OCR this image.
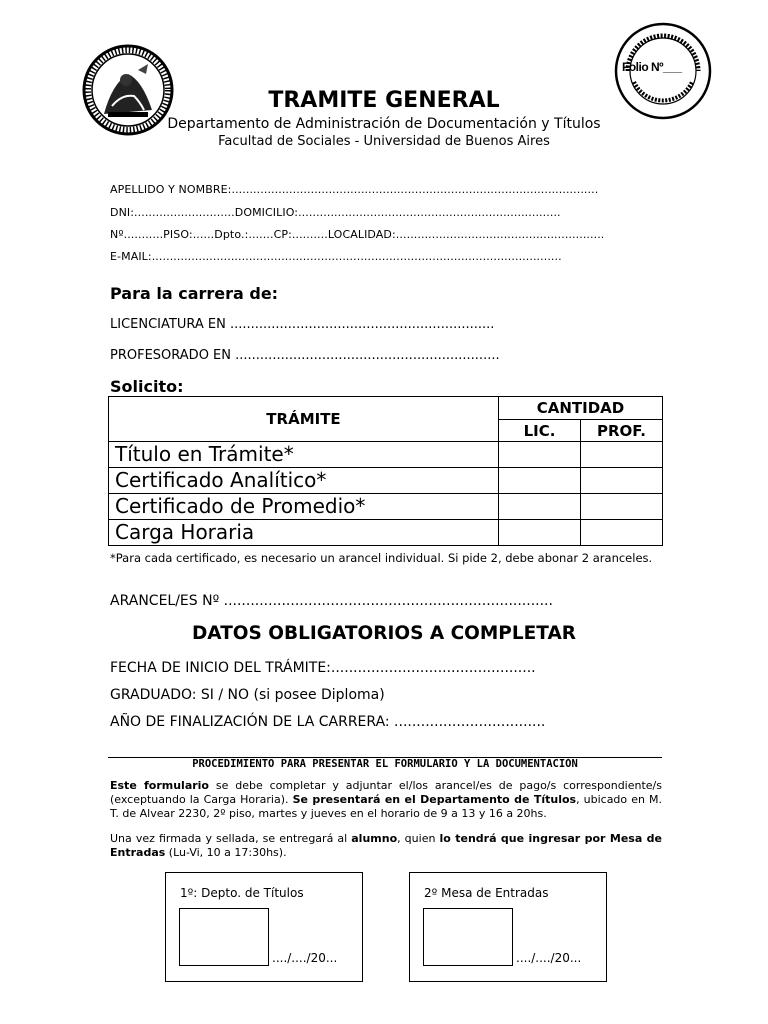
Folio Nº___
TRAMITE GENERAL
Departamento de Administración de Documentación y Títulos
Facultad de Sociales - Universidad de Buenos Aires
APELLIDO Y NOMBRE:......................................................................................................
DNI:............................DOMICILIO:.........................................................................
Nº...........PISO:......Dpto.:.......CP:..........LOCALIDAD:..........................................................
E-MAIL:..................................................................................................................
Para la carrera de:
LICENCIATURA EN ................................................................
PROFESORADO EN ................................................................
Solicito:
TRÁMITE	CANTIDAD	
	LIC.	PROF.
Título en Trámite*		
Certificado Analítico*		
Certificado de Promedio*		
Carga Horaria		
*Para cada certificado, es necesario un arancel individual. Si pide 2, debe abonar 2 aranceles.
ARANCEL/ES Nº ..........................................................................
DATOS OBLIGATORIOS A COMPLETAR
FECHA DE INICIO DEL TRÁMITE:..............................................
GRADUADO: SI / NO (si posee Diploma)
AÑO DE FINALIZACIÓN DE LA CARRERA: ..................................
PROCEDIMIENTO PARA PRESENTAR EL FORMULARIO Y LA DOCUMENTACIÓN
Este formulario se debe completar y adjuntar el/los arancel/es de pago/s correspondiente/s (exceptuando la Carga Horaria). Se presentará en el Departamento de Títulos, ubicado en M. T. de Alvear 2230, 2º piso, martes y jueves en el horario de 9 a 13 y 16 a 20hs.
Una vez firmada y sellada, se entregará al alumno, quien lo tendrá que ingresar por Mesa de Entradas (Lu-Vi, 10 a 17:30hs).
1º: Depto. de Títulos
..../..../20...
2º Mesa de Entradas
..../..../20...
